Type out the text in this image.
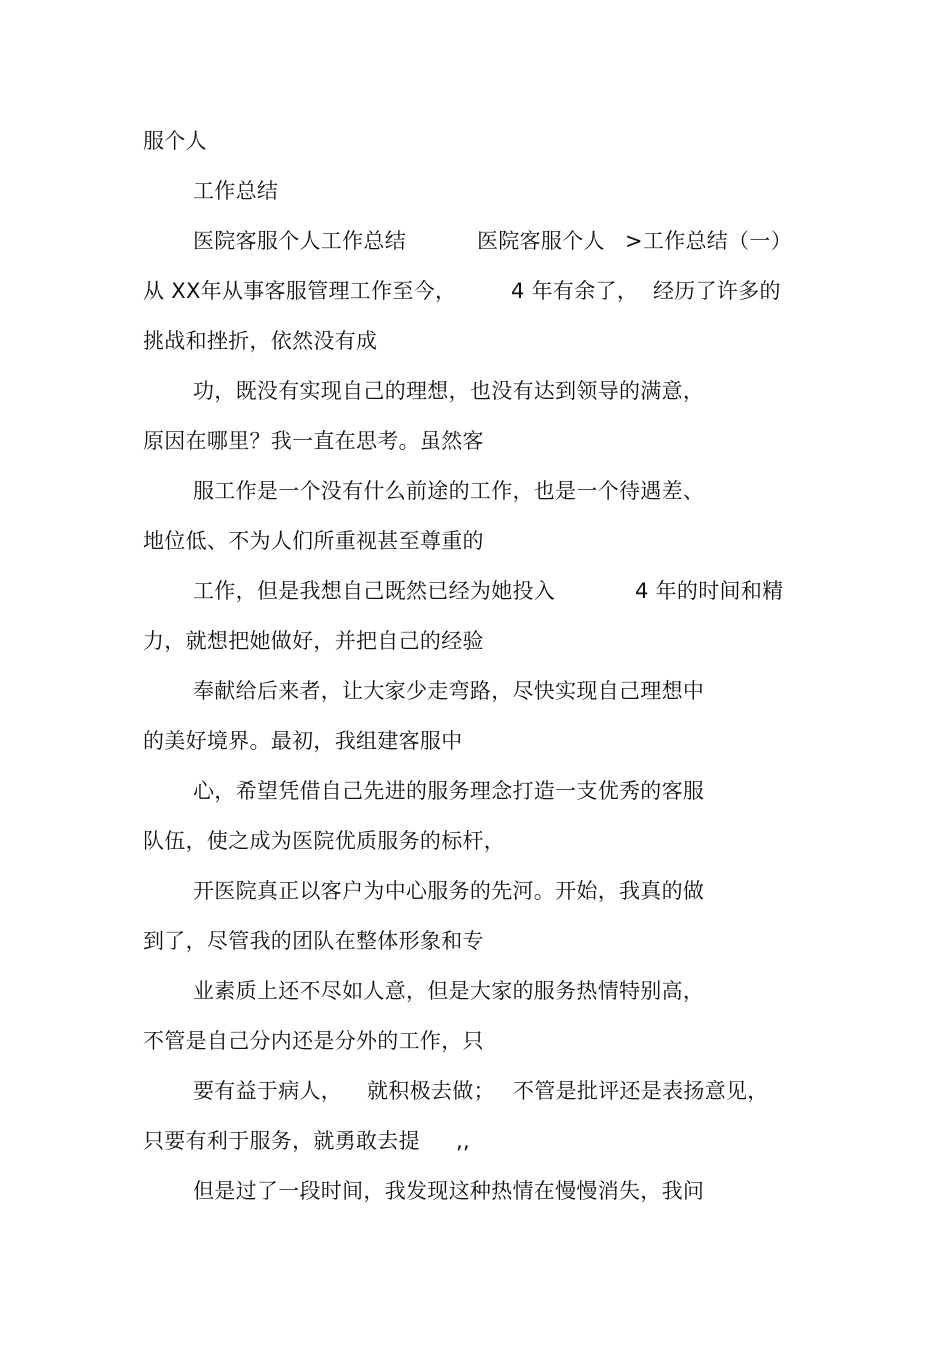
服个人

工作总结

医院客服个人工作总结

	医院客服个人

>工作总结（一）

从 XX年从事客服管理工作至今，

	4 年有余了，

经历了许多的

挑战和挫折，依然没有成

功，既没有实现自己的理想，也没有达到领导的满意，

原因在哪里？我一直在思考。虽然客

服工作是一个没有什么前途的工作，也是一个待遇差、

地位低、不为人们所重视甚至尊重的

工作，但是我想自己既然已经为她投入

	4 年的时间和精

力，就想把她做好，并把自己的经验

奉献给后来者，让大家少走弯路，尽快实现自己理想中

的美好境界。最初，我组建客服中

心，希望凭借自己先进的服务理念打造一支优秀的客服

队伍，使之成为医院优质服务的标杆，

开医院真正以客户为中心服务的先河。开始，我真的做

到了，尽管我的团队在整体形象和专

业素质上还不尽如人意，但是大家的服务热情特别高，

不管是自己分内还是分外的工作，只

要有益于病人，

就积极去做；

不管是批评还是表扬意见，

只要有利于服务，就勇敢去提

,,

但是过了一段时间，我发现这种热情在慢慢消失，我问
